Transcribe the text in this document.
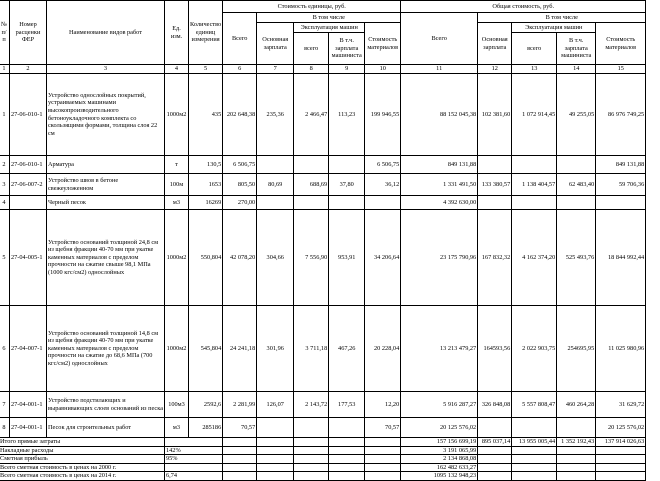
№ п/п	Номер расценки ФЕР	Наименование видов работ	Ед. изм.	Количество единиц измерения	Стоимость единицы, руб.					Общая стоимость, руб.				
					Всего	В том числе				Всего	В том числе			
						Основная зарплата	Эксплуатация машин		Стоимость материалов		Основная зарплата	Эксплуатация машин		Стоимость материалов
							всего	В т.ч. зарплата машиниста				всего	В т.ч. зарплата машиниста	
1	2	3	4	5	6	7	8	9	10	11	12	13	14	15
1	27-06-010-1	Устройство однослойных покрытий, устраиваемых машинами высокопроизводительного бетоноукладочного комплекта со скользящими формами, толщина слоя 22 см	1000м2	435	202 648,38	235,36	2 466,47	113,23	199 946,55	88 152 045,38	102 381,60	1 072 914,45	49 255,05	86 976 749,25
2	27-06-010-1	Арматура	т	130,5	6 506,75				6 506,75	849 131,88				849 131,88
3	27-06-007-2	Устройство швов в бетоне свежеуложенном	100м	1653	805,50	80,69	688,69	37,80	36,12	1 331 491,50	133 380,57	1 138 404,57	62 483,40	59 706,36
4		Черный песок	м3	16269	270,00					4 392 630,00				
5	27-04-005-1	Устройство оснований толщиной 24,8 см из щебня фракции 40-70 мм при укатке каменных материалов с пределом прочности на сжатие свыше 98,1 МПа (1000 кгс/см2) однослойных	1000м2	550,804	42 078,20	304,66	7 556,90	953,91	34 206,64	23 175 790,96	167 832,32	4 162 374,20	525 493,76	18 844 992,44
6	27-04-007-1	Устройство оснований толщиной 14,8 см из щебня фракции 40-70 мм при укатке каменных материалов с пределом прочности на сжатие до 68,6 МПа (700 кгс/см2) однослойных	1000м2	545,804	24 241,18	301,96	3 711,18	467,26	20 228,04	13 213 479,27	164593,56	2 022 903,75	254695,95	11 025 980,96
7	27-04-001-1	Устройство подстилающих и выравнивающих слоев оснований из песка	100м3	2592,6	2 281,99	126,07	2 143,72	177,53	12,20	5 916 287,27	326 848,08	5 557 808,47	460 264,28	31 629,72
8	27-04-001-1	Песок для строительных работ	м3	285186	70,57				70,57	20 125 576,02				20 125 576,02
Итого прямые затраты										157 156 699,19	895 037,14	13 955 005,44	1 352 192,43	137 914 026,63
Накладные расходы			142%							3 191 065,99				
Сметная прибыль			95%							2 134 868,08				
Всего сметная стоимость в ценах на 2000 г.										162 482 633,27				
Всего сметная стоимость в ценах на 2014 г.			6,74							1095 132 948,23				
